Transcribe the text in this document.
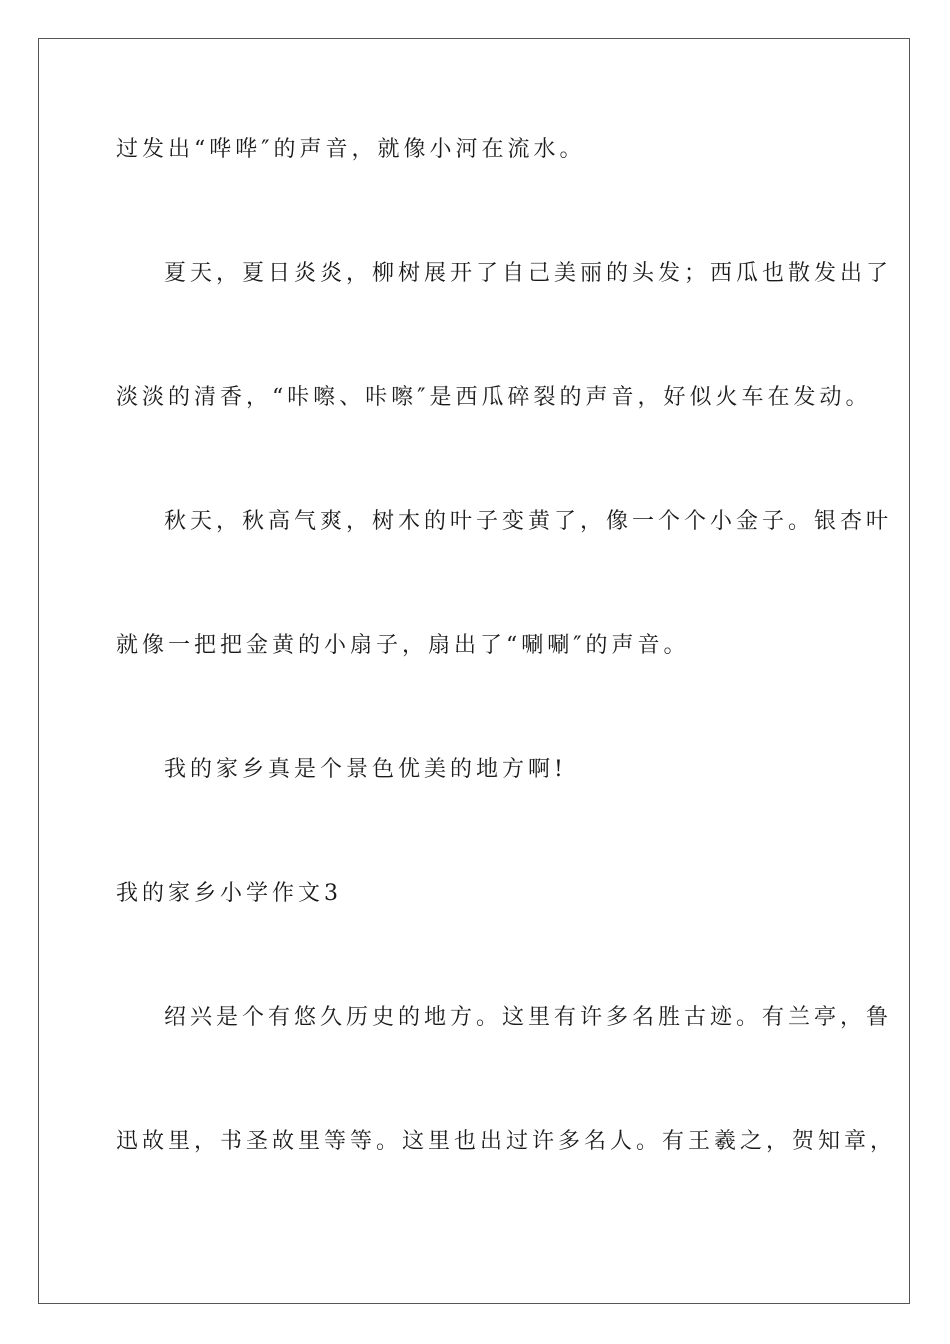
过发出“哗哗″的声音，就像小河在流水。
夏天，夏日炎炎，柳树展开了自己美丽的头发；西瓜也散发出了
淡淡的清香，“咔嚓、咔嚓″是西瓜碎裂的声音，好似火车在发动。
秋天，秋高气爽，树木的叶子变黄了，像一个个小金子。银杏叶
就像一把把金黄的小扇子，扇出了“唰唰″的声音。
我的家乡真是个景色优美的地方啊!
我的家乡小学作文3
绍兴是个有悠久历史的地方。这里有许多名胜古迹。有兰亭，鲁
迅故里，书圣故里等等。这里也出过许多名人。有王羲之，贺知章，
